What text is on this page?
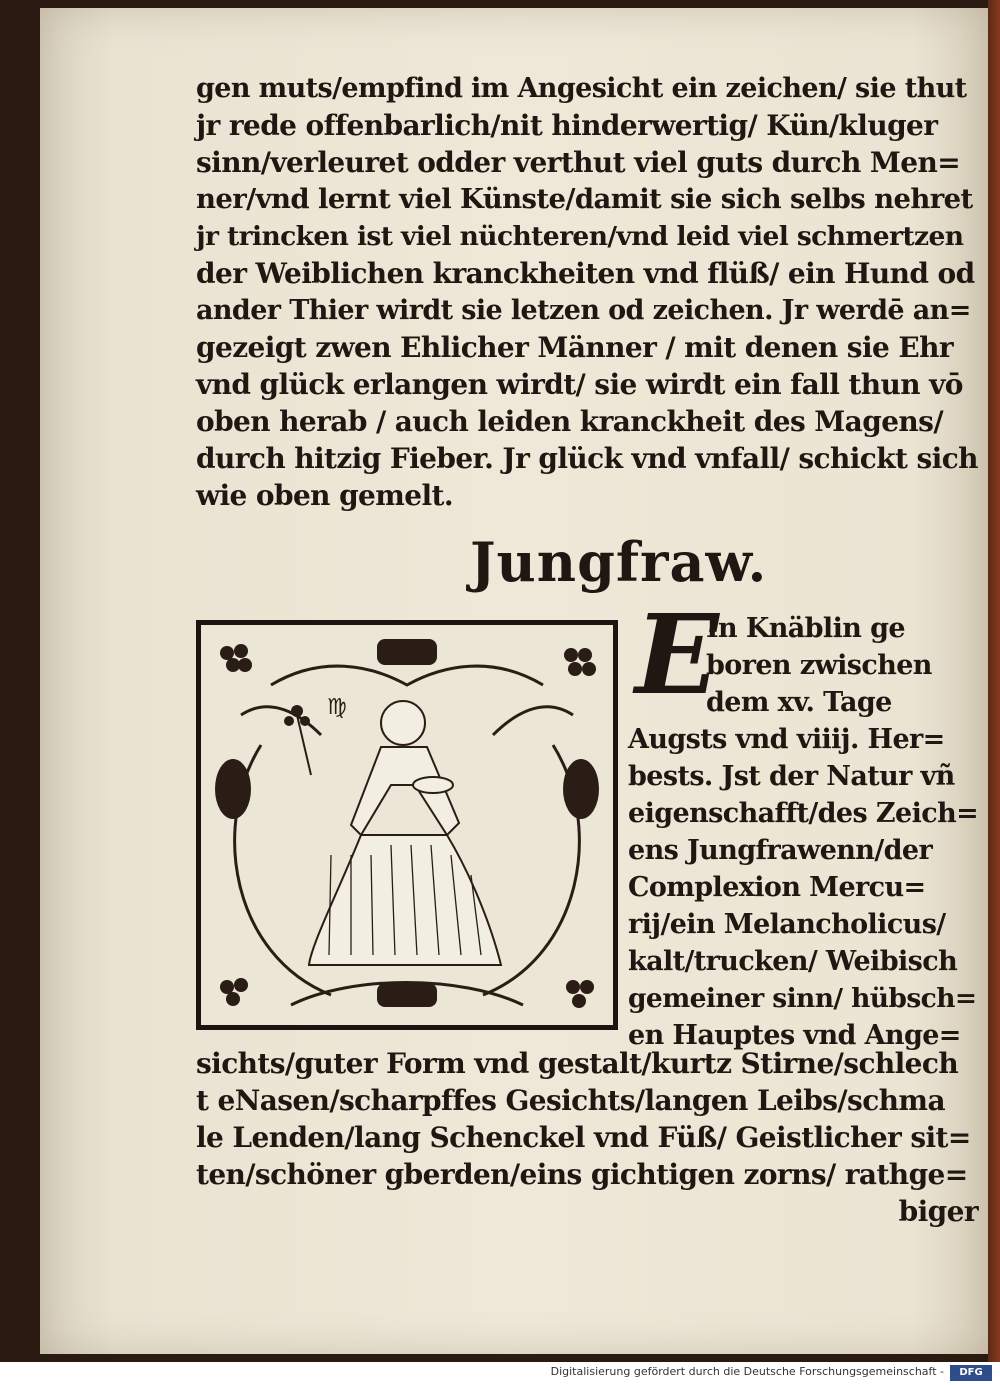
gen muts/empfind im Angesicht ein zeichen/ sie thut
jr rede offenbarlich/nit hinderwertig/ Kün/kluger
sinn/verleuret odder verthut viel guts durch Men=
ner/vnd lernt viel Künste/damit sie sich selbs nehret
jr trincken ist viel nüchteren/vnd leid viel schmertzen
der Weiblichen kranckheiten vnd flüß/ ein Hund od
ander Thier wirdt sie letzen od zeichen. Jr werdē an=
gezeigt zwen Ehlicher Männer / mit denen sie Ehr
vnd glück erlangen wirdt/ sie wirdt ein fall thun vō
oben herab / auch leiden kranckheit des Magens/
durch hitzig Fieber. Jr glück vnd vnfall/ schickt sich
wie oben gemelt.
Jungfraw.
♍	E
In Knäblin ge
boren zwischen
dem xv. Tage
Augsts vnd viiij. Her=
bests. Jst der Natur vñ
eigenschafft/des Zeich=
ens Jungfrawenn/der
Complexion Mercu=
rij/ein Melancholicus/
kalt/trucken/ Weibisch
gemeiner sinn/ hübsch=
en Hauptes vnd Ange=
sichts/guter Form vnd gestalt/kurtz Stirne/schlech
t eNasen/scharpffes Gesichts/langen Leibs/schma
le Lenden/lang Schenckel vnd Füß/ Geistlicher sit=
ten/schöner gberden/eins gichtigen zorns/ rathge=
biger
Digitalisierung gefördert durch die Deutsche Forschungsgemeinschaft -	DFG
